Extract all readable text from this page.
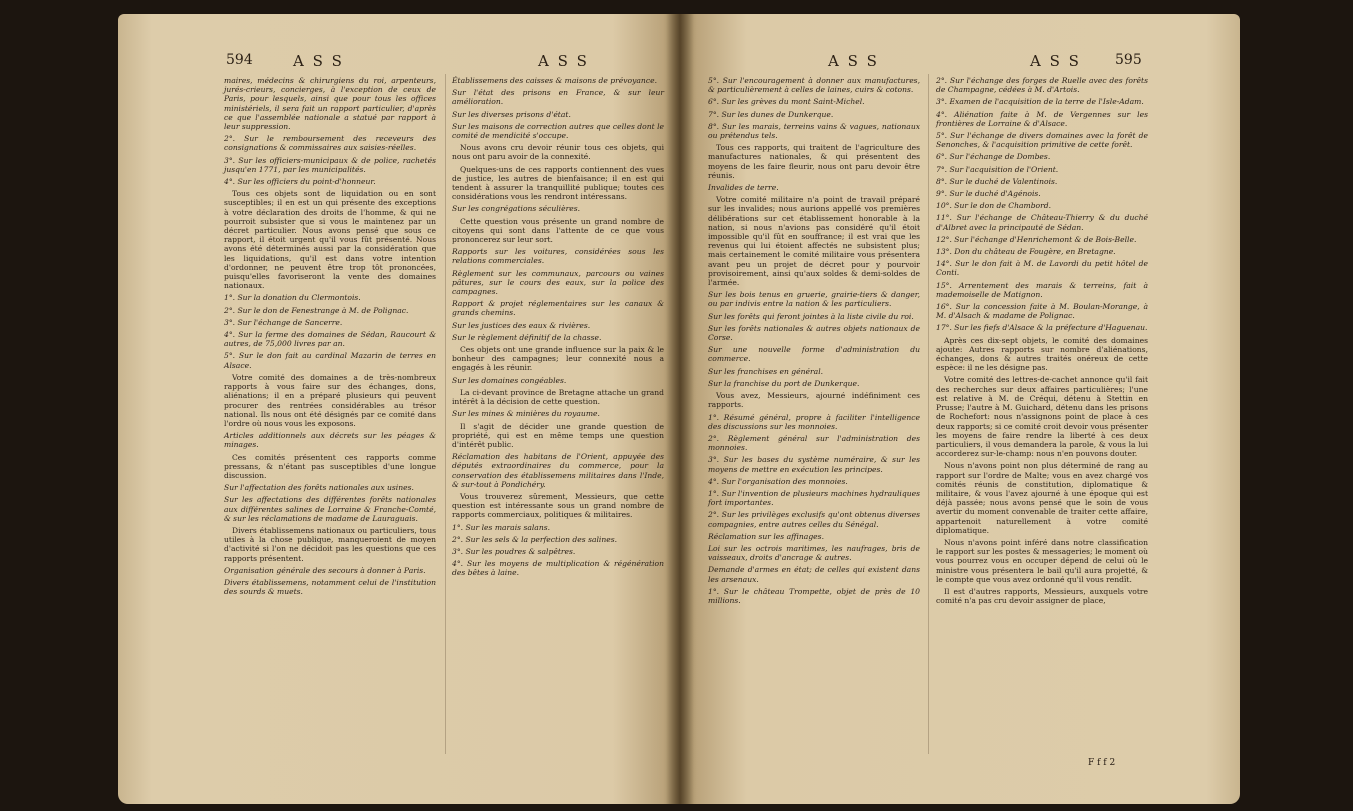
594	A S S	A S S

maires, médecins & chirurgiens du roi, arpenteurs, jurés-crieurs, concierges, à l'exception de ceux de Paris, pour lesquels, ainsi que pour tous les offices ministériels, il sera fait un rapport particulier, d'après ce que l'assemblée nationale a statué par rapport à leur suppression.

2°. Sur le remboursement des receveurs des consignations & commissaires aux saisies-réelles.

3°. Sur les officiers-municipaux & de police, rachetés jusqu'en 1771, par les municipalités.

4°. Sur les officiers du point-d'honneur.

Tous ces objets sont de liquidation ou en sont susceptibles; il en est un qui présente des exceptions à votre déclaration des droits de l'homme, & qui ne pourroit subsister que si vous le maintenez par un décret particulier. Nous avons pensé que sous ce rapport, il étoit urgent qu'il vous fût présenté. Nous avons été déterminés aussi par la considération que les liquidations, qu'il est dans votre intention d'ordonner, ne peuvent être trop tôt prononcées, puisqu'elles favoriseront la vente des domaines nationaux.

1°. Sur la donation du Clermontois.

2°. Sur le don de Fenestrange à M. de Polignac.

3°. Sur l'échange de Sancerre.

4°. Sur la ferme des domaines de Sédan, Raucourt & autres, de 75,000 livres par an.

5°. Sur le don fait au cardinal Mazarin de terres en Alsace.

Votre comité des domaines a de très-nombreux rapports à vous faire sur des échanges, dons, aliénations; il en a préparé plusieurs qui peuvent procurer des rentrées considérables au trésor national. Ils nous ont été désignés par ce comité dans l'ordre où nous vous les exposons.

Articles additionnels aux décrets sur les péages & minages.

Ces comités présentent ces rapports comme pressans, & n'étant pas susceptibles d'une longue discussion.

Sur l'affectation des forêts nationales aux usines.

Sur les affectations des différentes forêts nationales aux différentes salines de Lorraine & Franche-Comté, & sur les réclamations de madame de Lauraguais.

Divers établissemens nationaux ou particuliers, tous utiles à la chose publique, manqueroient de moyen d'activité si l'on ne décidoit pas les questions que ces rapports présentent.

Organisation générale des secours à donner à Paris.

Divers établissemens, notamment celui de l'institution des sourds & muets.

Établissemens des caisses & maisons de prévoyance.

Sur l'état des prisons en France, & sur leur amélioration.

Sur les diverses prisons d'état.

Sur les maisons de correction autres que celles dont le comité de mendicité s'occupe.

Nous avons cru devoir réunir tous ces objets, qui nous ont paru avoir de la connexité.

Quelques-uns de ces rapports contiennent des vues de justice, les autres de bienfaisance; il en est qui tendent à assurer la tranquillité publique; toutes ces considérations vous les rendront intéressans.

Sur les congrégations séculières.

Cette question vous présente un grand nombre de citoyens qui sont dans l'attente de ce que vous prononcerez sur leur sort.

Rapports sur les voitures, considérées sous les relations commerciales.

Règlement sur les communaux, parcours ou vaines pâtures, sur le cours des eaux, sur la police des campagnes.

Rapport & projet réglementaires sur les canaux & grands chemins.

Sur les justices des eaux & rivières.

Sur le règlement définitif de la chasse.

Ces objets ont une grande influence sur la paix & le bonheur des campagnes; leur connexité nous a engagés à les réunir.

Sur les domaines congéables.

La ci-devant province de Bretagne attache un grand intérêt à la décision de cette question.

Sur les mines & minières du royaume.

Il s'agit de décider une grande question de propriété, qui est en même temps une question d'intérêt public.

Réclamation des habitans de l'Orient, appuyée des députés extraordinaires du commerce, pour la conservation des établissemens militaires dans l'Inde, & sur-tout à Pondichéry.

Vous trouverez sûrement, Messieurs, que cette question est intéressante sous un grand nombre de rapports commerciaux, politiques & militaires.

1°. Sur les marais salans.

2°. Sur les sels & la perfection des salines.

3°. Sur les poudres & salpêtres.

4°. Sur les moyens de multiplication & régénération des bêtes à laine.

A S S	A S S 595

5°. Sur l'encouragement à donner aux manufactures, & particulièrement à celles de laines, cuirs & cotons.

6°. Sur les grèves du mont Saint-Michel.

7°. Sur les dunes de Dunkerque.

8°. Sur les marais, terreins vains & vagues, nationaux ou prétendus tels.

Tous ces rapports, qui traitent de l'agriculture des manufactures nationales, & qui présentent des moyens de les faire fleurir, nous ont paru devoir être réunis.

Invalides de terre.

Votre comité militaire n'a point de travail préparé sur les invalides; nous aurions appellé vos premières délibérations sur cet établissement honorable à la nation, si nous n'avions pas considéré qu'il étoit impossible qu'il fût en souffrance; il est vrai que les revenus qui lui étoient affectés ne subsistent plus; mais certainement le comité militaire vous présentera avant peu un projet de décret pour y pourvoir provisoirement, ainsi qu'aux soldes & demi-soldes de l'armée.

Sur les bois tenus en gruerie, grairie-tiers & danger, ou par indivis entre la nation & les particuliers.

Sur les forêts qui feront jointes à la liste civile du roi.

Sur les forêts nationales & autres objets nationaux de Corse.

Sur une nouvelle forme d'administration du commerce.

Sur les franchises en général.

Sur la franchise du port de Dunkerque.

Vous avez, Messieurs, ajourné indéfiniment ces rapports.

1°. Résumé général, propre à faciliter l'intelligence des discussions sur les monnoies.

2°. Règlement général sur l'administration des monnoies.

3°. Sur les bases du système numéraire, & sur les moyens de mettre en exécution les principes.

4°. Sur l'organisation des monnoies.

1°. Sur l'invention de plusieurs machines hydrauliques fort importantes.

2°. Sur les privilèges exclusifs qu'ont obtenus diverses compagnies, entre autres celles du Sénégal.

Réclamation sur les affinages.

Loi sur les octrois maritimes, les naufrages, bris de vaisseaux, droits d'ancrage & autres.

Demande d'armes en état; de celles qui existent dans les arsenaux.

1°. Sur le château Trompette, objet de près de 10 millions.

2°. Sur l'échange des forges de Ruelle avec des forêts de Champagne, cédées à M. d'Artois.

3°. Examen de l'acquisition de la terre de l'Isle-Adam.

4°. Aliénation faite à M. de Vergennes sur les frontières de Lorraine & d'Alsace.

5°. Sur l'échange de divers domaines avec la forêt de Senonches, & l'acquisition primitive de cette forêt.

6°. Sur l'échange de Dombes.

7°. Sur l'acquisition de l'Orient.

8°. Sur le duché de Valentinois.

9°. Sur le duché d'Agénois.

10°. Sur le don de Chambord.

11°. Sur l'échange de Château-Thierry & du duché d'Albret avec la principauté de Sédan.

12°. Sur l'échange d'Henrichemont & de Bois-Belle.

13°. Don du château de Fougère, en Bretagne.

14°. Sur le don fait à M. de Lavordi du petit hôtel de Conti.

15°. Arrentement des marais & terreins, fait à mademoiselle de Matignon.

16°. Sur la concession faite à M. Boulan-Morange, à M. d'Alsach & madame de Polignac.

17°. Sur les fiefs d'Alsace & la préfecture d'Haguenau.

Après ces dix-sept objets, le comité des domaines ajoute: Autres rapports sur nombre d'aliénations, échanges, dons & autres traités onéreux de cette espèce: il ne les désigne pas.

Votre comité des lettres-de-cachet annonce qu'il fait des recherches sur deux affaires particulières; l'une est relative à M. de Créqui, détenu à Stettin en Prusse; l'autre à M. Guichard, détenu dans les prisons de Rochefort: nous n'assignons point de place à ces deux rapports; si ce comité croit devoir vous présenter les moyens de faire rendre la liberté à ces deux particuliers, il vous demandera la parole, & vous la lui accorderez sur-le-champ: nous n'en pouvons douter.

Nous n'avons point non plus déterminé de rang au rapport sur l'ordre de Malte; vous en avez chargé vos comités réunis de constitution, diplomatique & militaire, & vous l'avez ajourné à une époque qui est déjà passée; nous avons pensé que le soin de vous avertir du moment convenable de traiter cette affaire, appartenoit naturellement à votre comité diplomatique.

Nous n'avons point inféré dans notre classification le rapport sur les postes & messageries; le moment où vous pourrez vous en occuper dépend de celui où le ministre vous présentera le bail qu'il aura projetté, & le compte que vous avez ordonné qu'il vous rendît.

Il est d'autres rapports, Messieurs, auxquels votre comité n'a pas cru devoir assigner de place,

F f f 2
